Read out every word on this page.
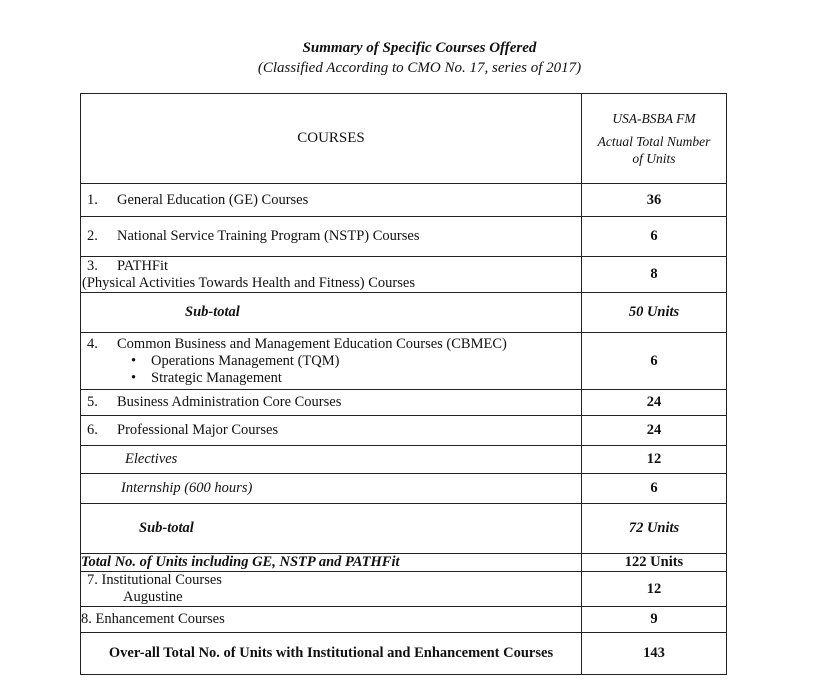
Summary of Specific Courses Offered
(Classified According to CMO No. 17, series of 2017)
COURSES	USA-BSBA FM
Actual Total Number
of Units

1. General Education (GE) Courses	36
2. National Service Training Program (NSTP) Courses	6

3. PATHFit
(Physical Activities Towards Health and Fitness) Courses	8
Sub-total	50 Units

4. Common Business and Management Education Courses (CBMEC)
• Operations Management (TQM)
• Strategic Management	6
5. Business Administration Core Courses	24
6. Professional Major Courses	24
Electives	12
Internship (600 hours)	6
Sub-total	72 Units
Total No. of Units including GE, NSTP and PATHFit	122 Units

7. Institutional Courses
Augustine	12
8. Enhancement Courses	9
Over-all Total No. of Units with Institutional and Enhancement Courses	143
